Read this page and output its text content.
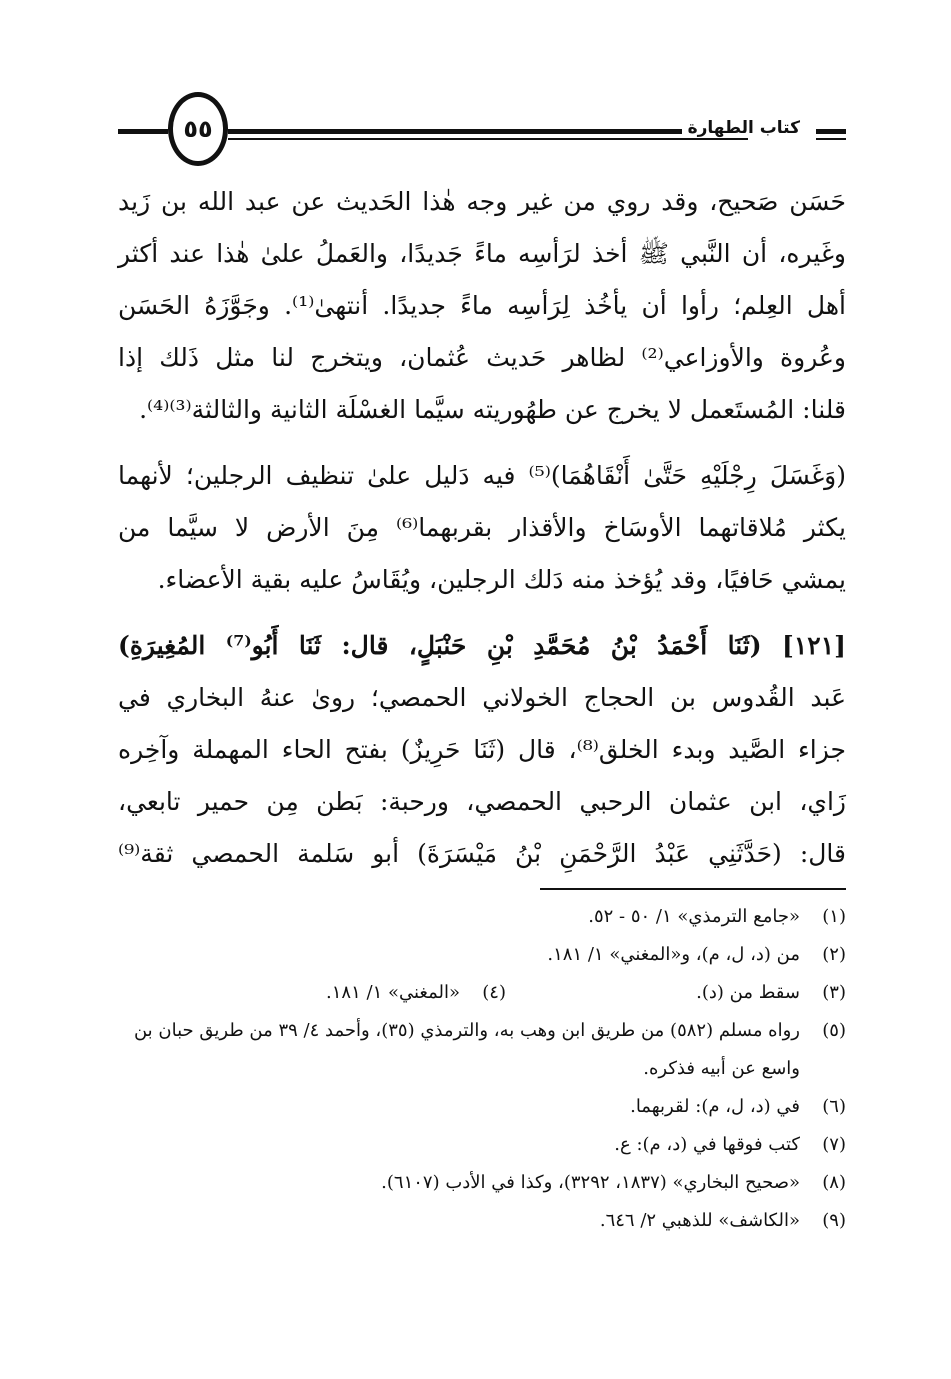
٥٥	كتاب الطهارة

حَسَن صَحيح، وقد روي من غير وجه هٰذا الحَديث عن عبد الله بن زَيد

وغَيره، أن النَّبي ﷺ أخذ لرَأسِه ماءً جَديدًا، والعَملُ علىٰ هٰذا عند أكثر

أهل العِلم؛ رأوا أن يأخُذ لِرَأسِه ماءً جديدًا. أنتهىٰ⁽¹⁾. وجَوَّزَهُ الحَسَن

وعُروة والأوزاعي⁽²⁾ لظاهر حَديث عُثمان، ويتخرج لنا مثل ذَلك إذا

قلنا: المُستَعمل لا يخرج عن طهُوريته سيَّما الغسْلَة الثانية والثالثة⁽³⁾⁽⁴⁾.

(وَغَسَلَ رِجْلَيْهِ حَتَّىٰ أَنْقَاهُمَا)⁽⁵⁾ فيه دَليل علىٰ تنظيف الرجلين؛ لأنهما

يكثر مُلاقاتهما الأوسَاخ والأقذار بقربهما⁽⁶⁾ مِنَ الأرض لا سيَّما من

يمشي حَافيًا، وقد يُؤخذ منه دَلك الرجلين، ويُقَاسُ عليه بقية الأعضاء.

[١٢١] (ثَنَا أَحْمَدُ بْنُ مُحَمَّدِ بْنِ حَنْبَلٍ، قال: ثَنَا أَبُو⁽⁷⁾ المُغِيرَةِ)

عَبد القُدوس بن الحجاج الخولاني الحمصي؛ روىٰ عنهُ البخاري في

جزاء الصَّيد وبدء الخلق⁽⁸⁾، قال (ثَنَا حَرِيزٌ) بفتح الحاء المهملة وآخِره

زَاي، ابن عثمان الرحبي الحمصي، ورحبة: بَطن مِن حمير تابعي،

قال: (حَدَّثَنِي عَبْدُ الرَّحْمَنِ بْنُ مَيْسَرَةَ) أبو سَلمة الحمصي ثقة⁽⁹⁾

(١)
«جامع الترمذي» ١/ ٥٠ - ٥٢.
(٢)
من (د، ل، م)، و«المغني» ١/ ١٨١.
(٣)
سقط من (د).
(٤)
«المغني» ١/ ١٨١.
(٥)
رواه مسلم (٥٨٢) من طريق ابن وهب به، والترمذي (٣٥)، وأحمد ٤/ ٣٩ من طريق حبان بن واسع عن أبيه فذكره.
(٦)
في (د، ل، م): لقربهما.
(٧)
كتب فوقها في (د، م): ع.
(٨)
«صحيح البخاري» (١٨٣٧، ٣٢٩٢)، وكذا في الأدب (٦١٠٧).
(٩)
«الكاشف» للذهبي ٢/ ٦٤٦.
